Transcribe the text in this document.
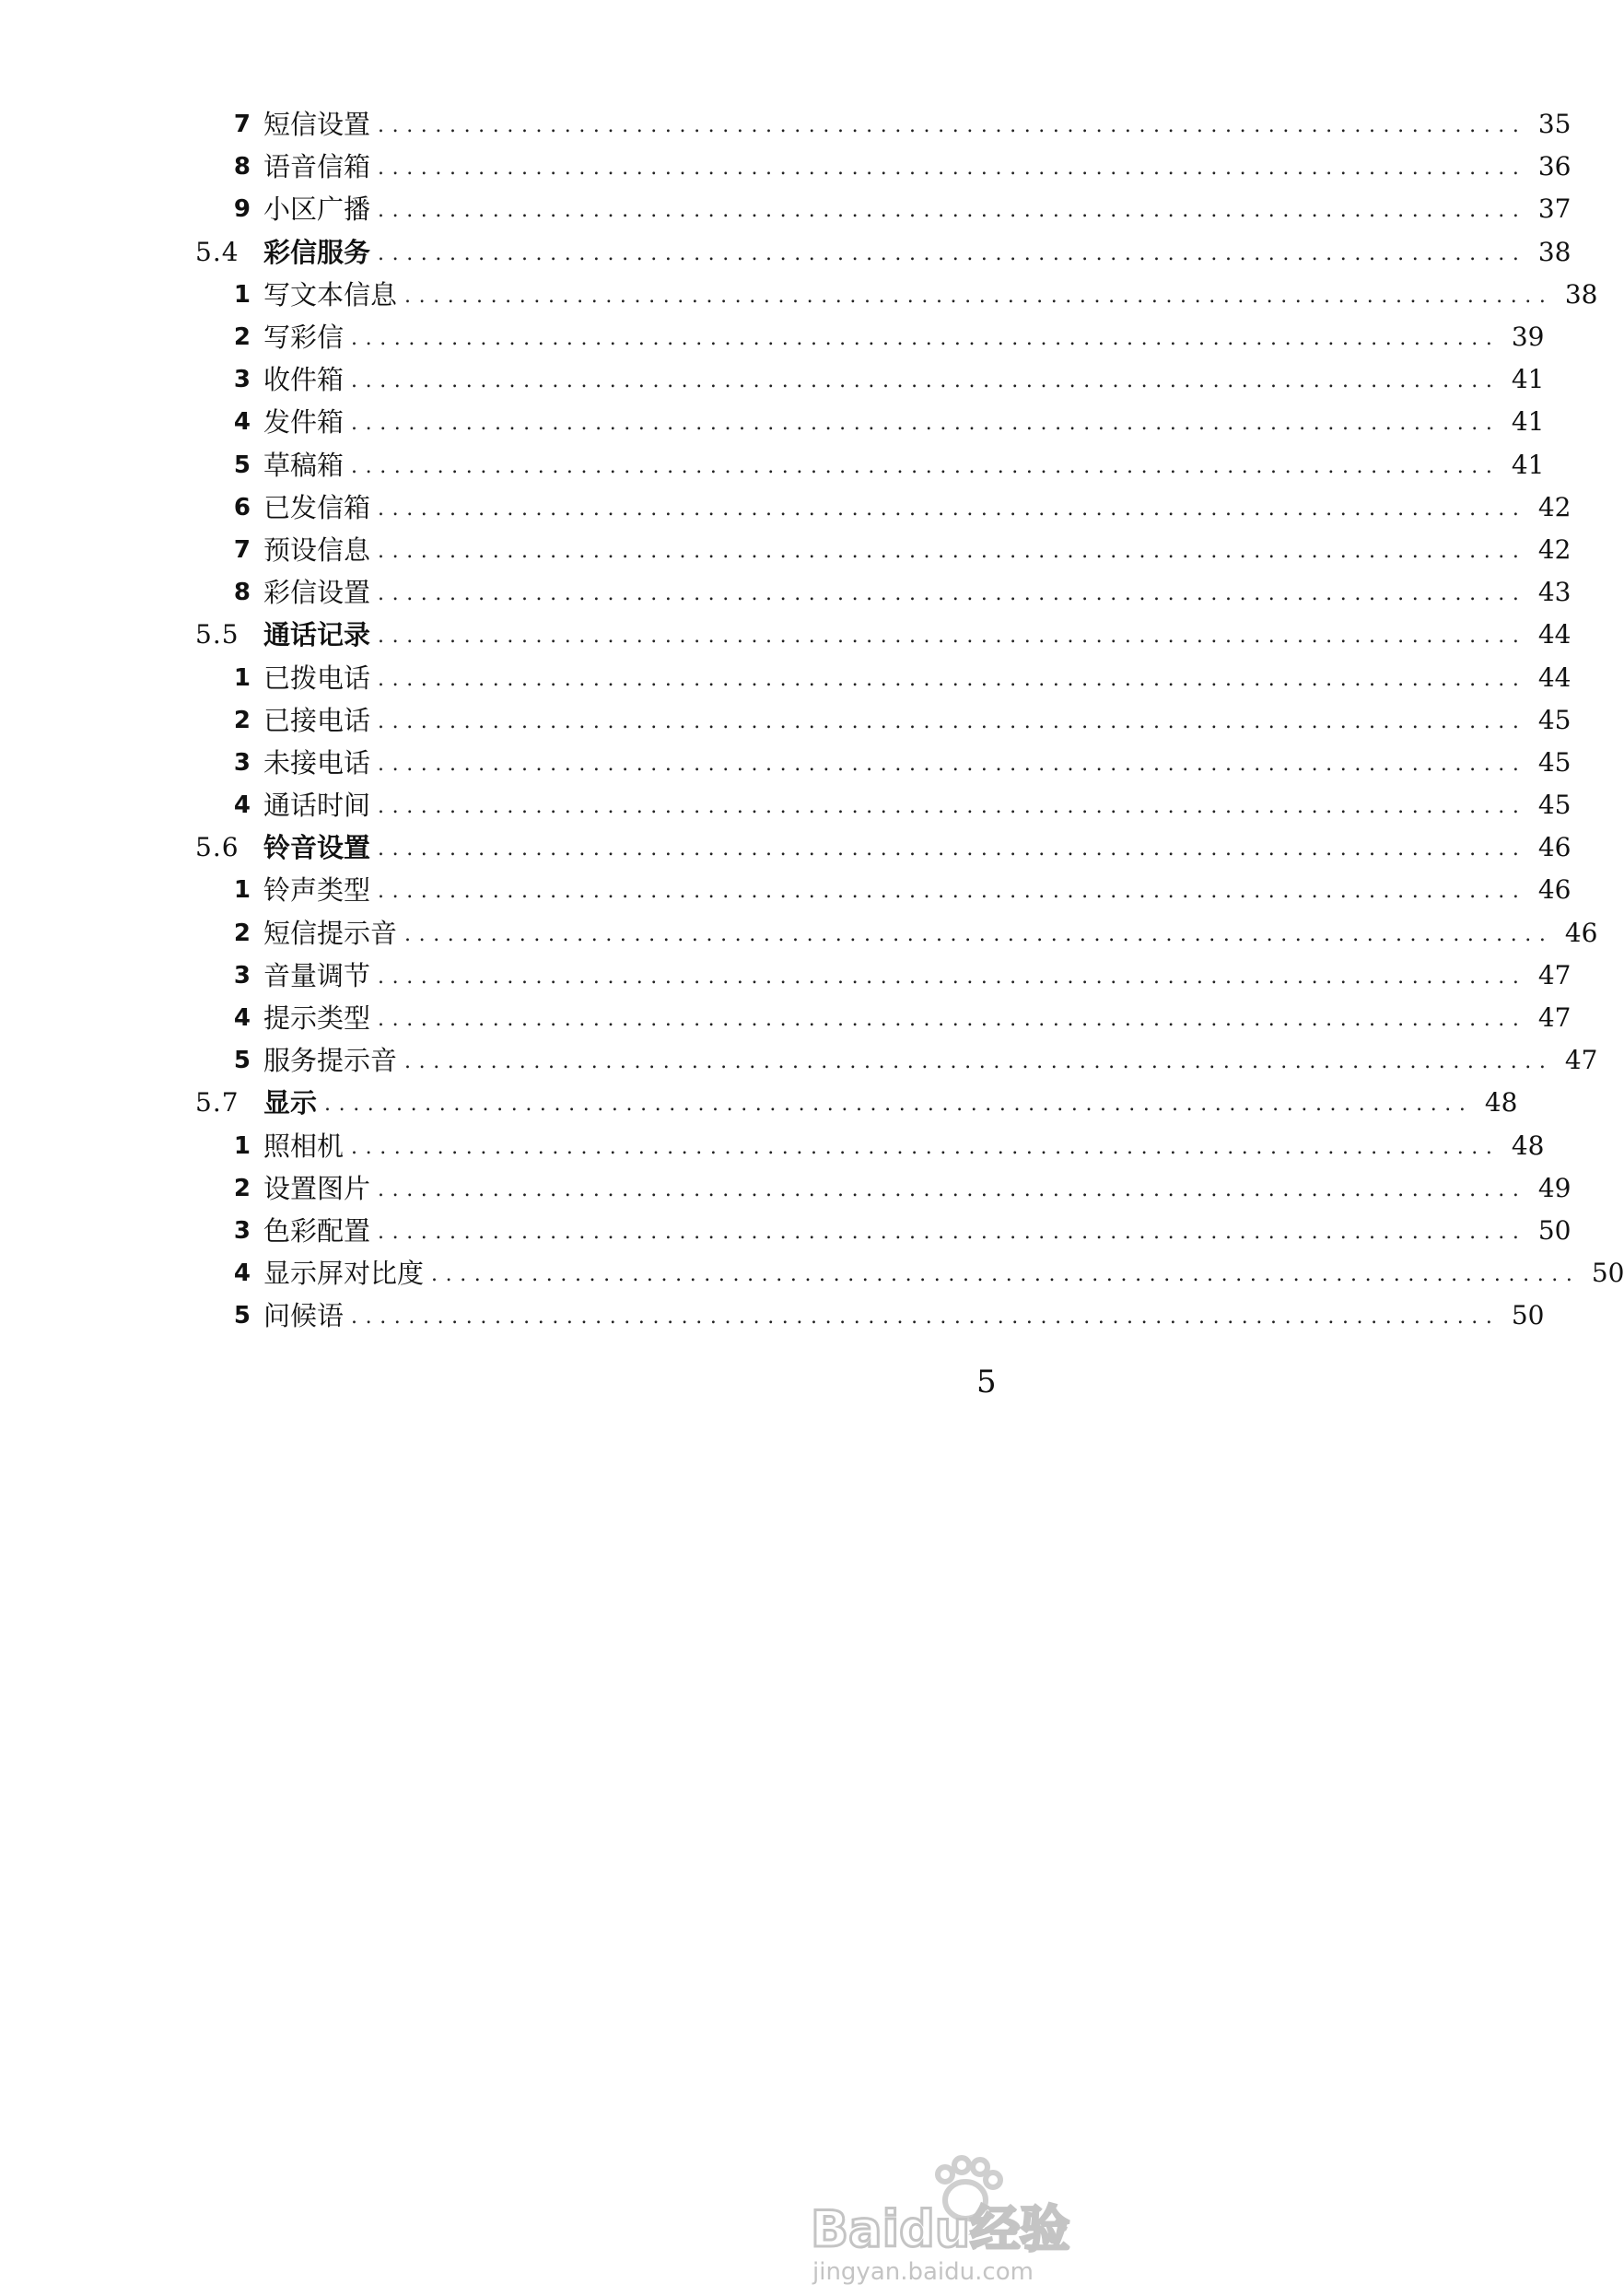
7 短信设置 ................................................................................ 35
8 语音信箱 ................................................................................ 36
9 小区广播 ................................................................................ 37
5.4 彩信服务 ................................................................................ 38
1 写文本信息 ................................................................................ 38
2 写彩信 ................................................................................ 39
3 收件箱 ................................................................................ 41
4 发件箱 ................................................................................ 41
5 草稿箱 ................................................................................ 41
6 已发信箱 ................................................................................ 42
7 预设信息 ................................................................................ 42
8 彩信设置 ................................................................................ 43
5.5 通话记录 ................................................................................ 44
1 已拨电话 ................................................................................ 44
2 已接电话 ................................................................................ 45
3 未接电话 ................................................................................ 45
4 通话时间 ................................................................................ 45
5.6 铃音设置 ................................................................................ 46
1 铃声类型 ................................................................................ 46
2 短信提示音 ................................................................................ 46
3 音量调节 ................................................................................ 47
4 提示类型 ................................................................................ 47
5 服务提示音 ................................................................................ 47
5.7 显示 ................................................................................ 48
1 照相机 ................................................................................ 48
2 设置图片 ................................................................................ 49
3 色彩配置 ................................................................................ 50
4 显示屏对比度 ................................................................................ 50
5 问候语 ................................................................................ 50
5
Baidu经验
jingyan.baidu.com
